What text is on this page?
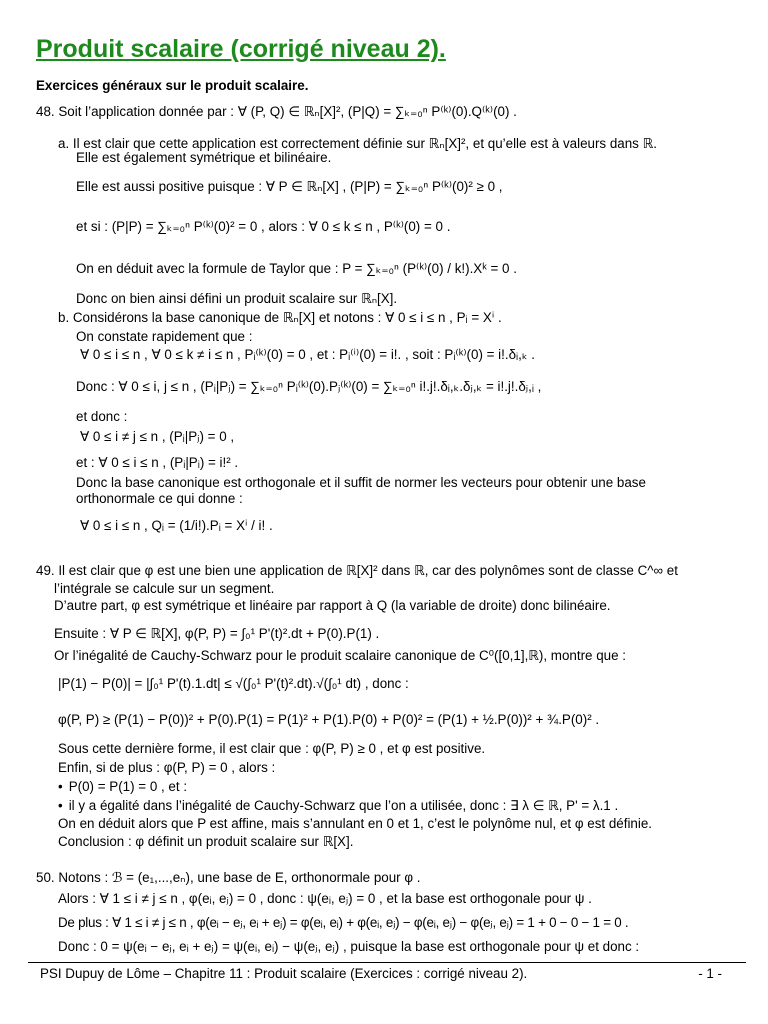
Produit scalaire (corrigé niveau 2).
Exercices généraux sur le produit scalaire.
48. Soit l’application donnée par : ∀ (P, Q) ∈ ℝₙ[X]², (P|Q) = ∑ₖ₌₀ⁿ P⁽ᵏ⁾(0).Q⁽ᵏ⁾(0) .
a. Il est clair que cette application est correctement définie sur ℝₙ[X]², et qu’elle est à valeurs dans ℝ.
Elle est également symétrique et bilinéaire.
Elle est aussi positive puisque : ∀ P ∈ ℝₙ[X] , (P|P) = ∑ₖ₌₀ⁿ P⁽ᵏ⁾(0)² ≥ 0 ,
et si : (P|P) = ∑ₖ₌₀ⁿ P⁽ᵏ⁾(0)² = 0 , alors : ∀ 0 ≤ k ≤ n , P⁽ᵏ⁾(0) = 0 .
On en déduit avec la formule de Taylor que : P = ∑ₖ₌₀ⁿ (P⁽ᵏ⁾(0) / k!).Xᵏ = 0 .
Donc on bien ainsi défini un produit scalaire sur ℝₙ[X].
b. Considérons la base canonique de ℝₙ[X] et notons : ∀ 0 ≤ i ≤ n , Pᵢ = Xⁱ .
On constate rapidement que :
∀ 0 ≤ i ≤ n , ∀ 0 ≤ k ≠ i ≤ n , Pᵢ⁽ᵏ⁾(0) = 0 , et : Pᵢ⁽ⁱ⁾(0) = i!. , soit : Pᵢ⁽ᵏ⁾(0) = i!.δᵢ,ₖ .
Donc : ∀ 0 ≤ i, j ≤ n , (Pᵢ|Pⱼ) = ∑ₖ₌₀ⁿ Pᵢ⁽ᵏ⁾(0).Pⱼ⁽ᵏ⁾(0) = ∑ₖ₌₀ⁿ i!.j!.δᵢ,ₖ.δⱼ,ₖ = i!.j!.δⱼ,ᵢ ,
et donc :
∀ 0 ≤ i ≠ j ≤ n , (Pᵢ|Pⱼ) = 0 ,
et : ∀ 0 ≤ i ≤ n , (Pᵢ|Pᵢ) = i!² .
Donc la base canonique est orthogonale et il suffit de normer les vecteurs pour obtenir une base
orthonormale ce qui donne :
∀ 0 ≤ i ≤ n , Qᵢ = (1/i!).Pᵢ = Xⁱ / i! .
49. Il est clair que φ est une bien une application de ℝ[X]² dans ℝ, car des polynômes sont de classe C^∞ et
l’intégrale se calcule sur un segment.
D’autre part, φ est symétrique et linéaire par rapport à Q (la variable de droite) donc bilinéaire.
Ensuite : ∀ P ∈ ℝ[X], φ(P, P) = ∫₀¹ P'(t)².dt + P(0).P(1) .
Or l’inégalité de Cauchy-Schwarz pour le produit scalaire canonique de C⁰([0,1],ℝ), montre que :
|P(1) − P(0)| = |∫₀¹ P'(t).1.dt| ≤ √(∫₀¹ P'(t)².dt).√(∫₀¹ dt) , donc :
φ(P, P) ≥ (P(1) − P(0))² + P(0).P(1) = P(1)² + P(1).P(0) + P(0)² = (P(1) + ½.P(0))² + ¾.P(0)² .
Sous cette dernière forme, il est clair que : φ(P, P) ≥ 0 , et φ est positive.
Enfin, si de plus : φ(P, P) = 0 , alors :
• P(0) = P(1) = 0 , et :
• il y a égalité dans l’inégalité de Cauchy-Schwarz que l’on a utilisée, donc : ∃ λ ∈ ℝ, P' = λ.1 .
On en déduit alors que P est affine, mais s’annulant en 0 et 1, c’est le polynôme nul, et φ est définie.
Conclusion : φ définit un produit scalaire sur ℝ[X].
50. Notons : ℬ = (e₁,...,eₙ), une base de E, orthonormale pour φ .
Alors : ∀ 1 ≤ i ≠ j ≤ n , φ(eᵢ, eⱼ) = 0 , donc : ψ(eᵢ, eⱼ) = 0 , et la base est orthogonale pour ψ .
De plus : ∀ 1 ≤ i ≠ j ≤ n , φ(eᵢ − eⱼ, eᵢ + eⱼ) = φ(eᵢ, eᵢ) + φ(eᵢ, eⱼ) − φ(eᵢ, eⱼ) − φ(eⱼ, eⱼ) = 1 + 0 − 0 − 1 = 0 .
Donc : 0 = ψ(eᵢ − eⱼ, eᵢ + eⱼ) = ψ(eᵢ, eᵢ) − ψ(eⱼ, eⱼ) , puisque la base est orthogonale pour ψ et donc :
PSI Dupuy de Lôme – Chapitre 11 : Produit scalaire (Exercices : corrigé niveau 2).	- 1 -
